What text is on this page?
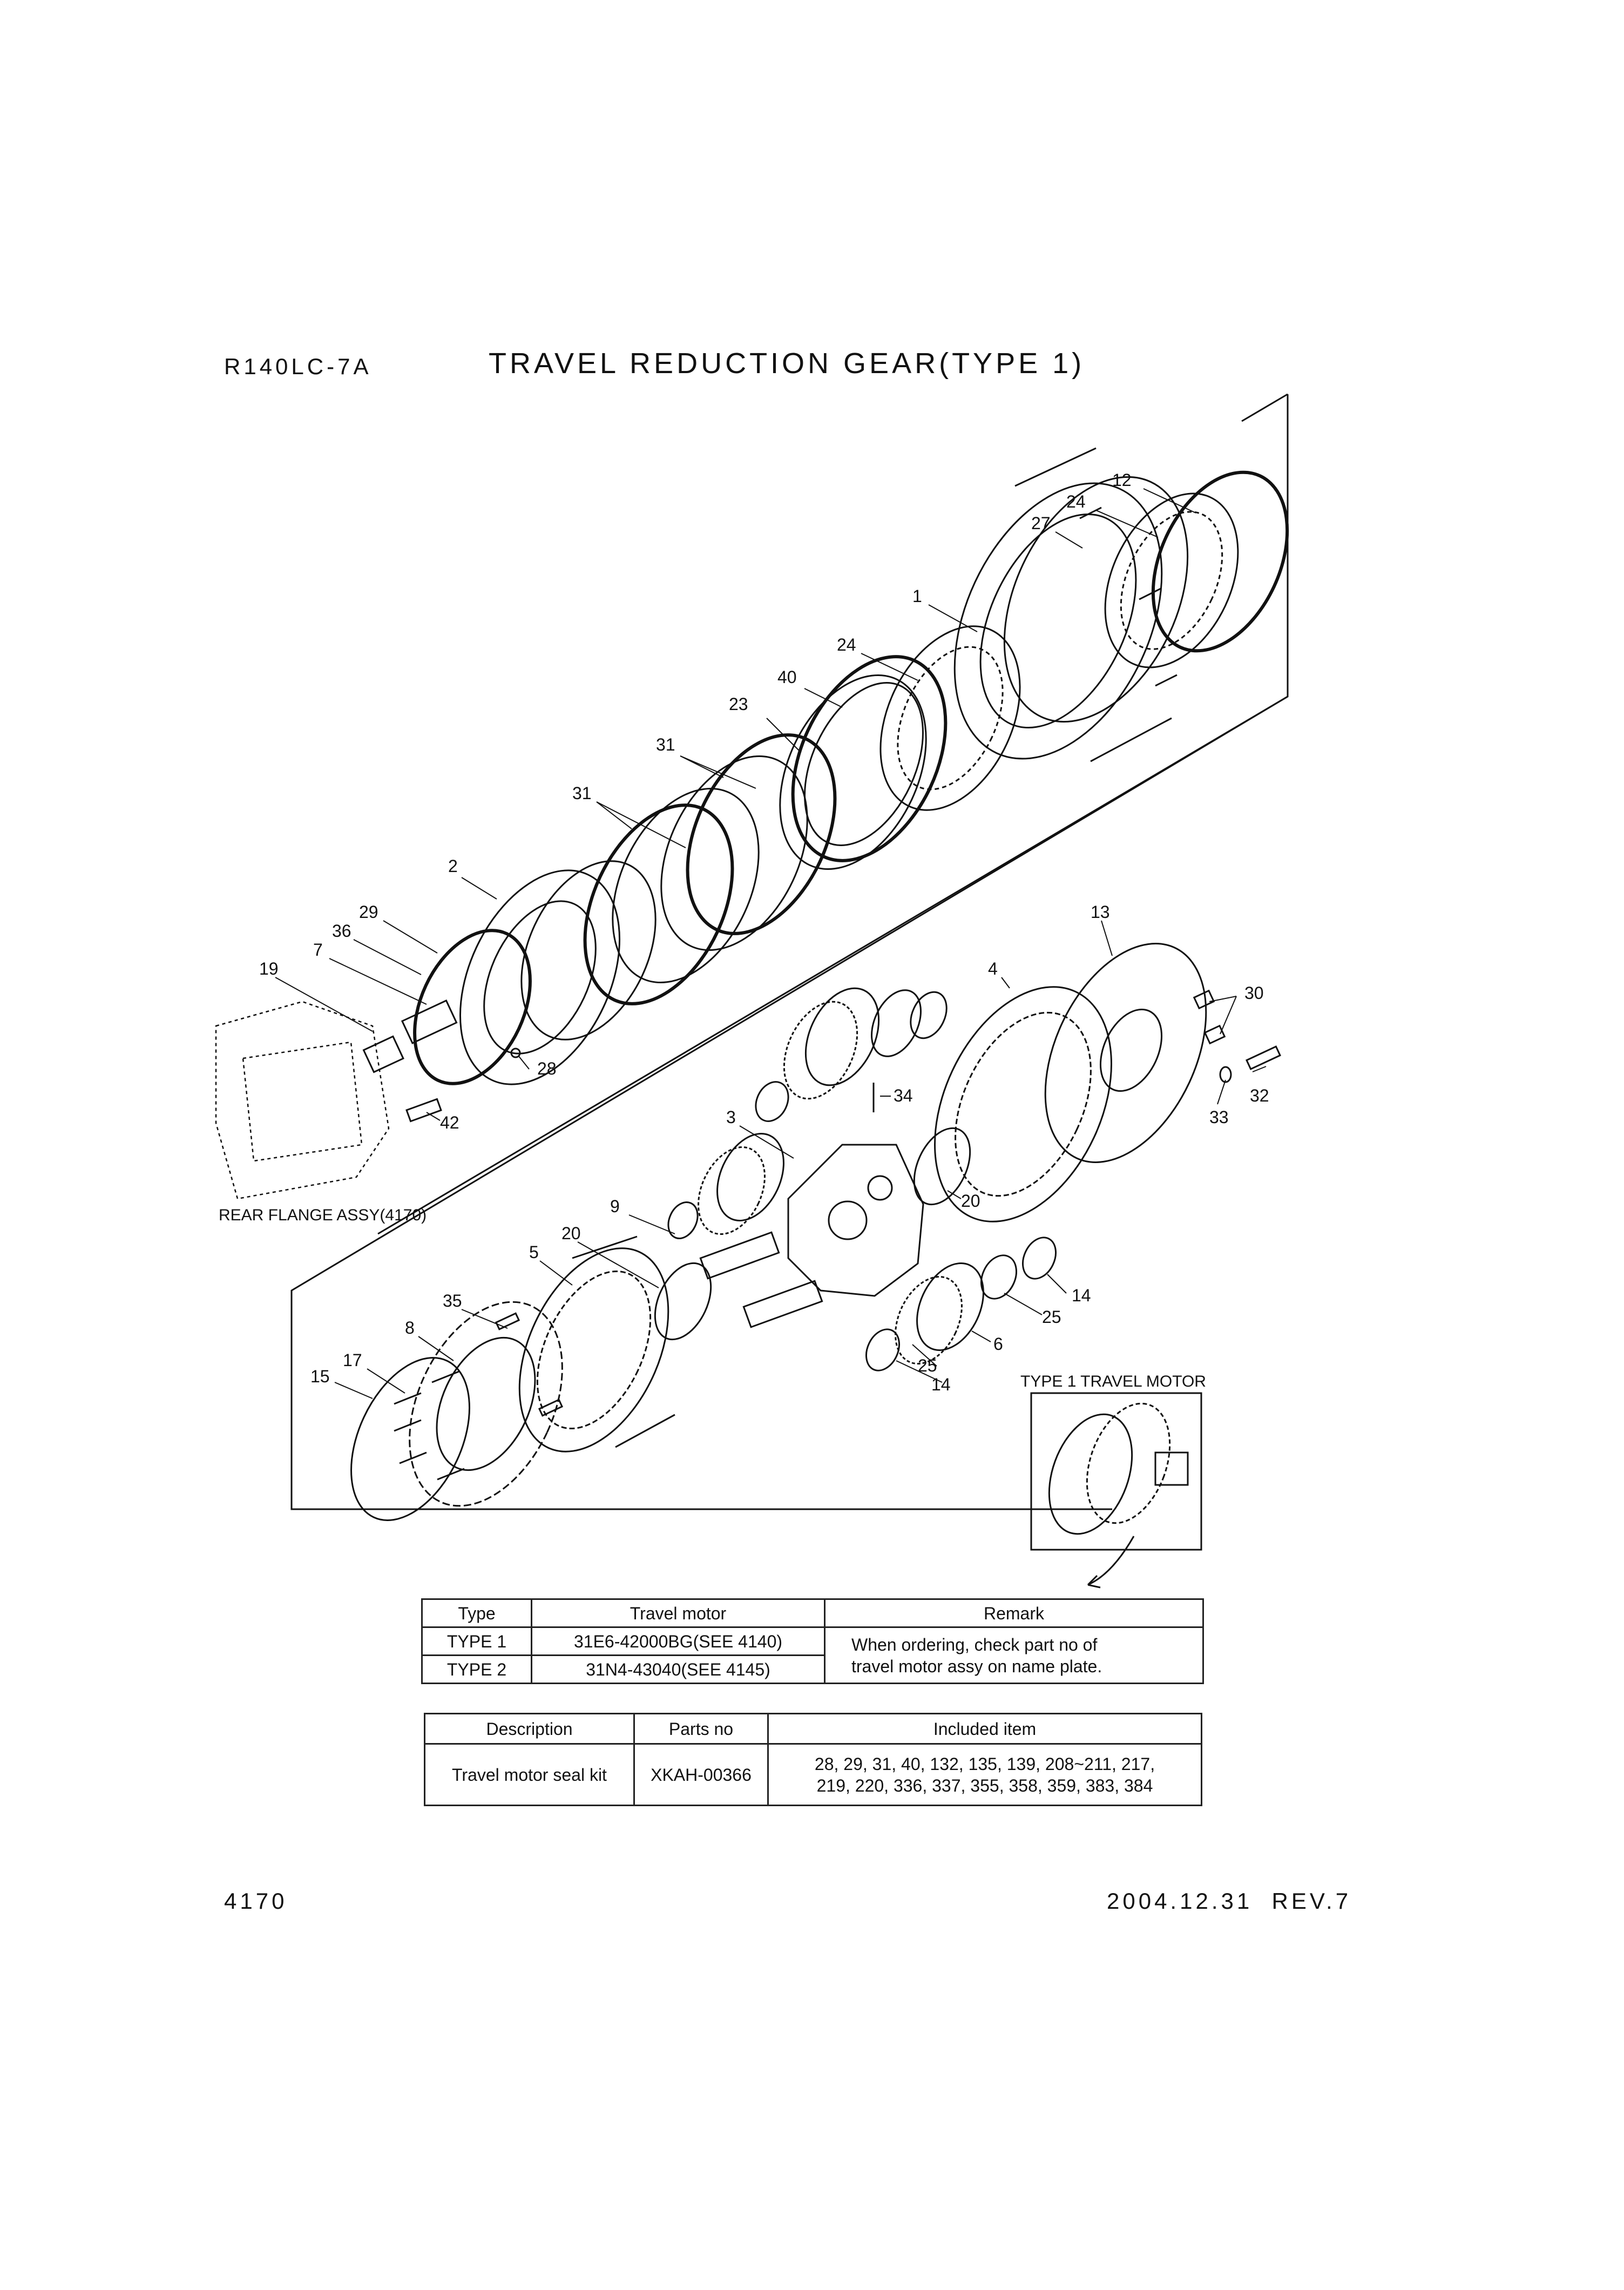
R140LC-7A	TRAVEL REDUCTION GEAR(TYPE 1)
12
24
27
1
24
40
23
31
31
2
29
36
7
19
28
42
13
4
30
32
33
34
3
20
9
20
5
14
25
6
35
8
17
15
25
14
REAR FLANGE ASSY(4170)
TYPE 1 TRAVEL MOTOR
Type	Travel motor	Remark
TYPE 1	31E6-42000BG(SEE 4140)	When ordering, check part no of
travel motor assy on name plate.

TYPE 2	31N4-43040(SEE 4145)	
Description	Parts no	Included item
Travel motor seal kit	XKAH-00366	28, 29, 31, 40, 132, 135, 139, 208~211, 217,
219, 220, 336, 337, 355, 358, 359, 383, 384
4170	2004.12.31  REV.7
